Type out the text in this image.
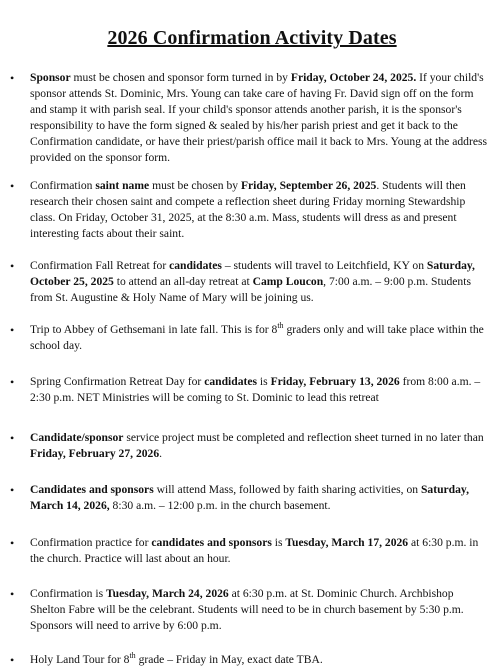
2026 Confirmation Activity Dates
•	Sponsor must be chosen and sponsor form turned in by Friday, October 24, 2025. If your child's sponsor attends St. Dominic, Mrs. Young can take care of having Fr. David sign off on the form and stamp it with parish seal. If your child's sponsor attends another parish, it is the sponsor's responsibility to have the form signed & sealed by his/her parish priest and get it back to the Confirmation candidate, or have their priest/parish office mail it back to Mrs. Young at the address provided on the sponsor form.
•	Confirmation saint name must be chosen by Friday, September 26, 2025. Students will then research their chosen saint and compete a reflection sheet during Friday morning Stewardship class. On Friday, October 31, 2025, at the 8:30 a.m. Mass, students will dress as and present interesting facts about their saint.
•	Confirmation Fall Retreat for candidates – students will travel to Leitchfield, KY on Saturday, October 25, 2025 to attend an all-day retreat at Camp Loucon, 7:00 a.m. – 9:00 p.m. Students from St. Augustine & Holy Name of Mary will be joining us.
•	Trip to Abbey of Gethsemani in late fall. This is for 8th graders only and will take place within the school day.
•	Spring Confirmation Retreat Day for candidates is Friday, February 13, 2026 from 8:00 a.m. – 2:30 p.m. NET Ministries will be coming to St. Dominic to lead this retreat
•	Candidate/sponsor service project must be completed and reflection sheet turned in no later than Friday, February 27, 2026.
•	Candidates and sponsors will attend Mass, followed by faith sharing activities, on Saturday, March 14, 2026, 8:30 a.m. – 12:00 p.m. in the church basement.
•	Confirmation practice for candidates and sponsors is Tuesday, March 17, 2026 at 6:30 p.m. in the church. Practice will last about an hour.
•	Confirmation is Tuesday, March 24, 2026 at 6:30 p.m. at St. Dominic Church. Archbishop Shelton Fabre will be the celebrant. Students will need to be in church basement by 5:30 p.m. Sponsors will need to arrive by 6:00 p.m.
•	Holy Land Tour for 8th grade – Friday in May, exact date TBA.
